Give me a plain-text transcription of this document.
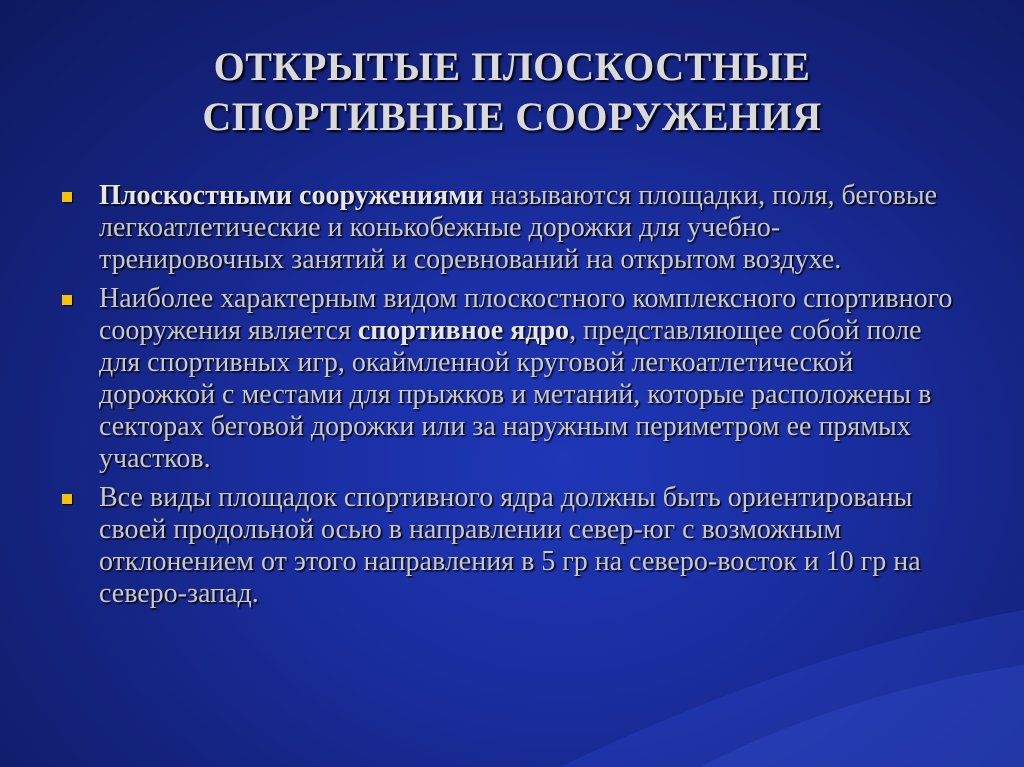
ОТКРЫТЫЕ ПЛОСКОСТНЫЕ
СПОРТИВНЫЕ СООРУЖЕНИЯ
Плоскостными сооружениями называются площадки, поля, беговые легкоатлетические и конькобежные дорожки для учебно-тренировочных занятий и соревнований на открытом воздухе.
Наиболее характерным видом плоскостного комплексного спортивного сооружения является спортивное ядро, представляющее собой поле для спортивных игр, окаймленной круговой легкоатлетической дорожкой с местами для прыжков и метаний, которые расположены в секторах беговой дорожки или за наружным периметром ее прямых участков.
Все виды площадок спортивного ядра должны быть ориентированы своей продольной осью в направлении север-юг с возможным отклонением от этого направления в 5 гр на северо-восток и 10 гр на северо-запад.
